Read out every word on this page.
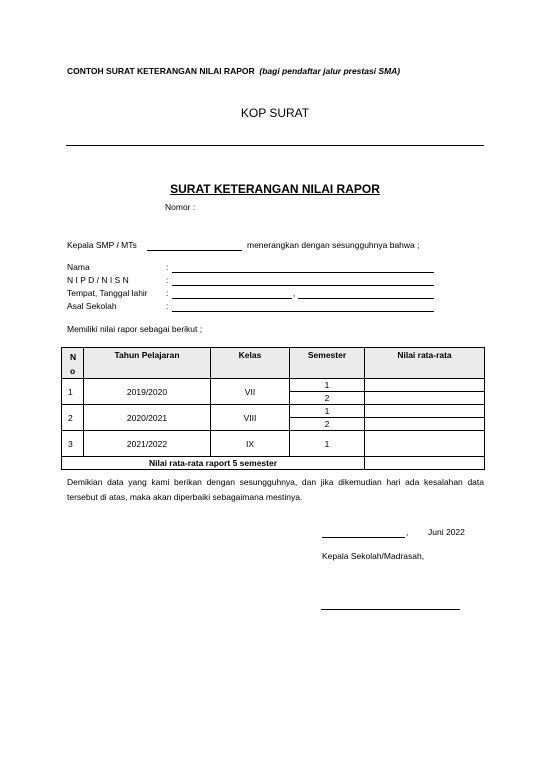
CONTOH SURAT KETERANGAN NILAI RAPOR (bagi pendaftar jalur prestasi SMA)
KOP SURAT
SURAT KETERANGAN NILAI RAPOR
Nomor :
Kepala SMP / MTs	menerangkan dengan sesungguhnya bahwa ;
Nama	:
N I P D / N I S N	:
Tempat, Tanggal lahir :	,
Asal Sekolah	:
Memiliki nilai rapor sebagai berikut ;
N o	Tahun Pelajaran	Kelas	Semester	Nilai rata-rata
1	2019/2020	VII	1	
			2	
2	2020/2021	VIII	1	
			2	
3	2021/2022	IX	1	
Nilai rata-rata raport 5 semester				
Demikian data yang kami berikan dengan sesungguhnya, dan jika dikemudian hari ada kesalahan data tersebut di atas, maka akan diperbaiki sebagaimana mestinya.
, Juni 2022
Kepala Sekolah/Madrasah,
